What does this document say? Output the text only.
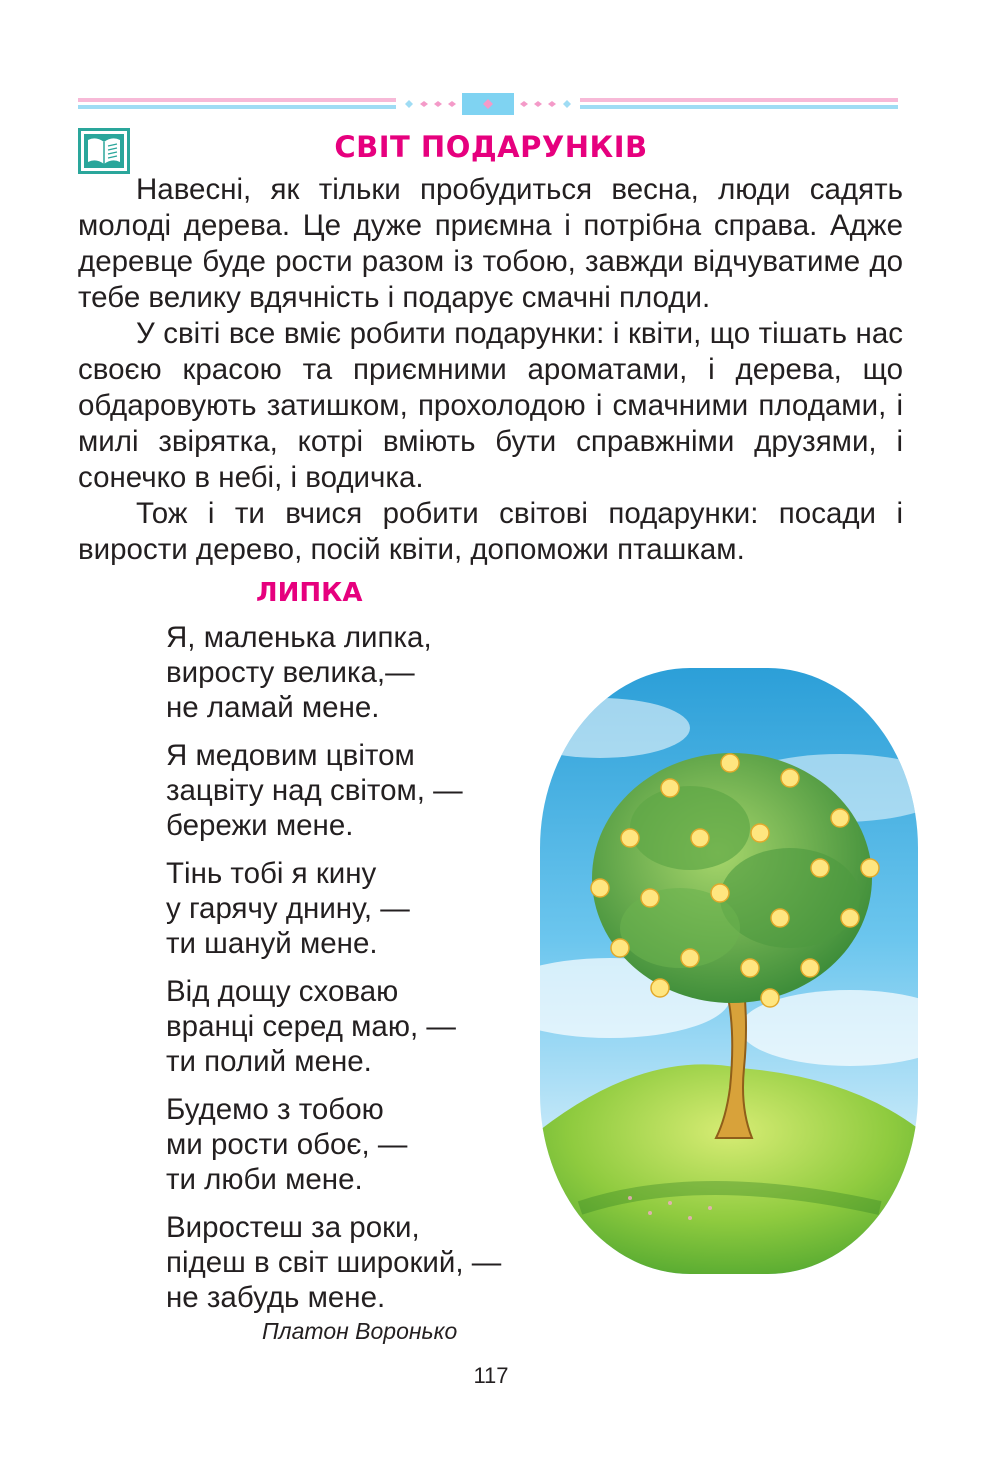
СВІТ ПОДАРУНКІВ

Навесні, як тільки пробудиться весна, люди садять молоді дерева. Це дуже приємна і потрібна справа. Адже деревце буде рости разом із тобою, завжди відчуватиме до тебе велику вдячність і подарує смачні плоди.

У світі все вміє робити подарунки: і квіти, що тішать нас своєю красою та приємними ароматами, і дерева, що обдаровують затишком, прохолодою і смачними плодами, і милі звірятка, котрі вміють бути справжніми друзями, і сонечко в небі, і водичка.

Тож і ти вчися робити світові подарунки: посади і вирости дерево, посій квіти, допоможи пташкам.

ЛИПКА
Я, маленька липка,
виросту велика,—
не ламай мене.
Я медовим цвітом
зацвіту над світом, —
бережи мене.
Тінь тобі я кину
у гарячу днину, —
ти шануй мене.
Від дощу сховаю
вранці серед маю, —
ти полий мене.
Будемо з тобою
ми рости обоє, —
ти люби мене.
Виростеш за роки,
підеш в світ широкий, —
не забудь мене.
Платон Воронько
117
